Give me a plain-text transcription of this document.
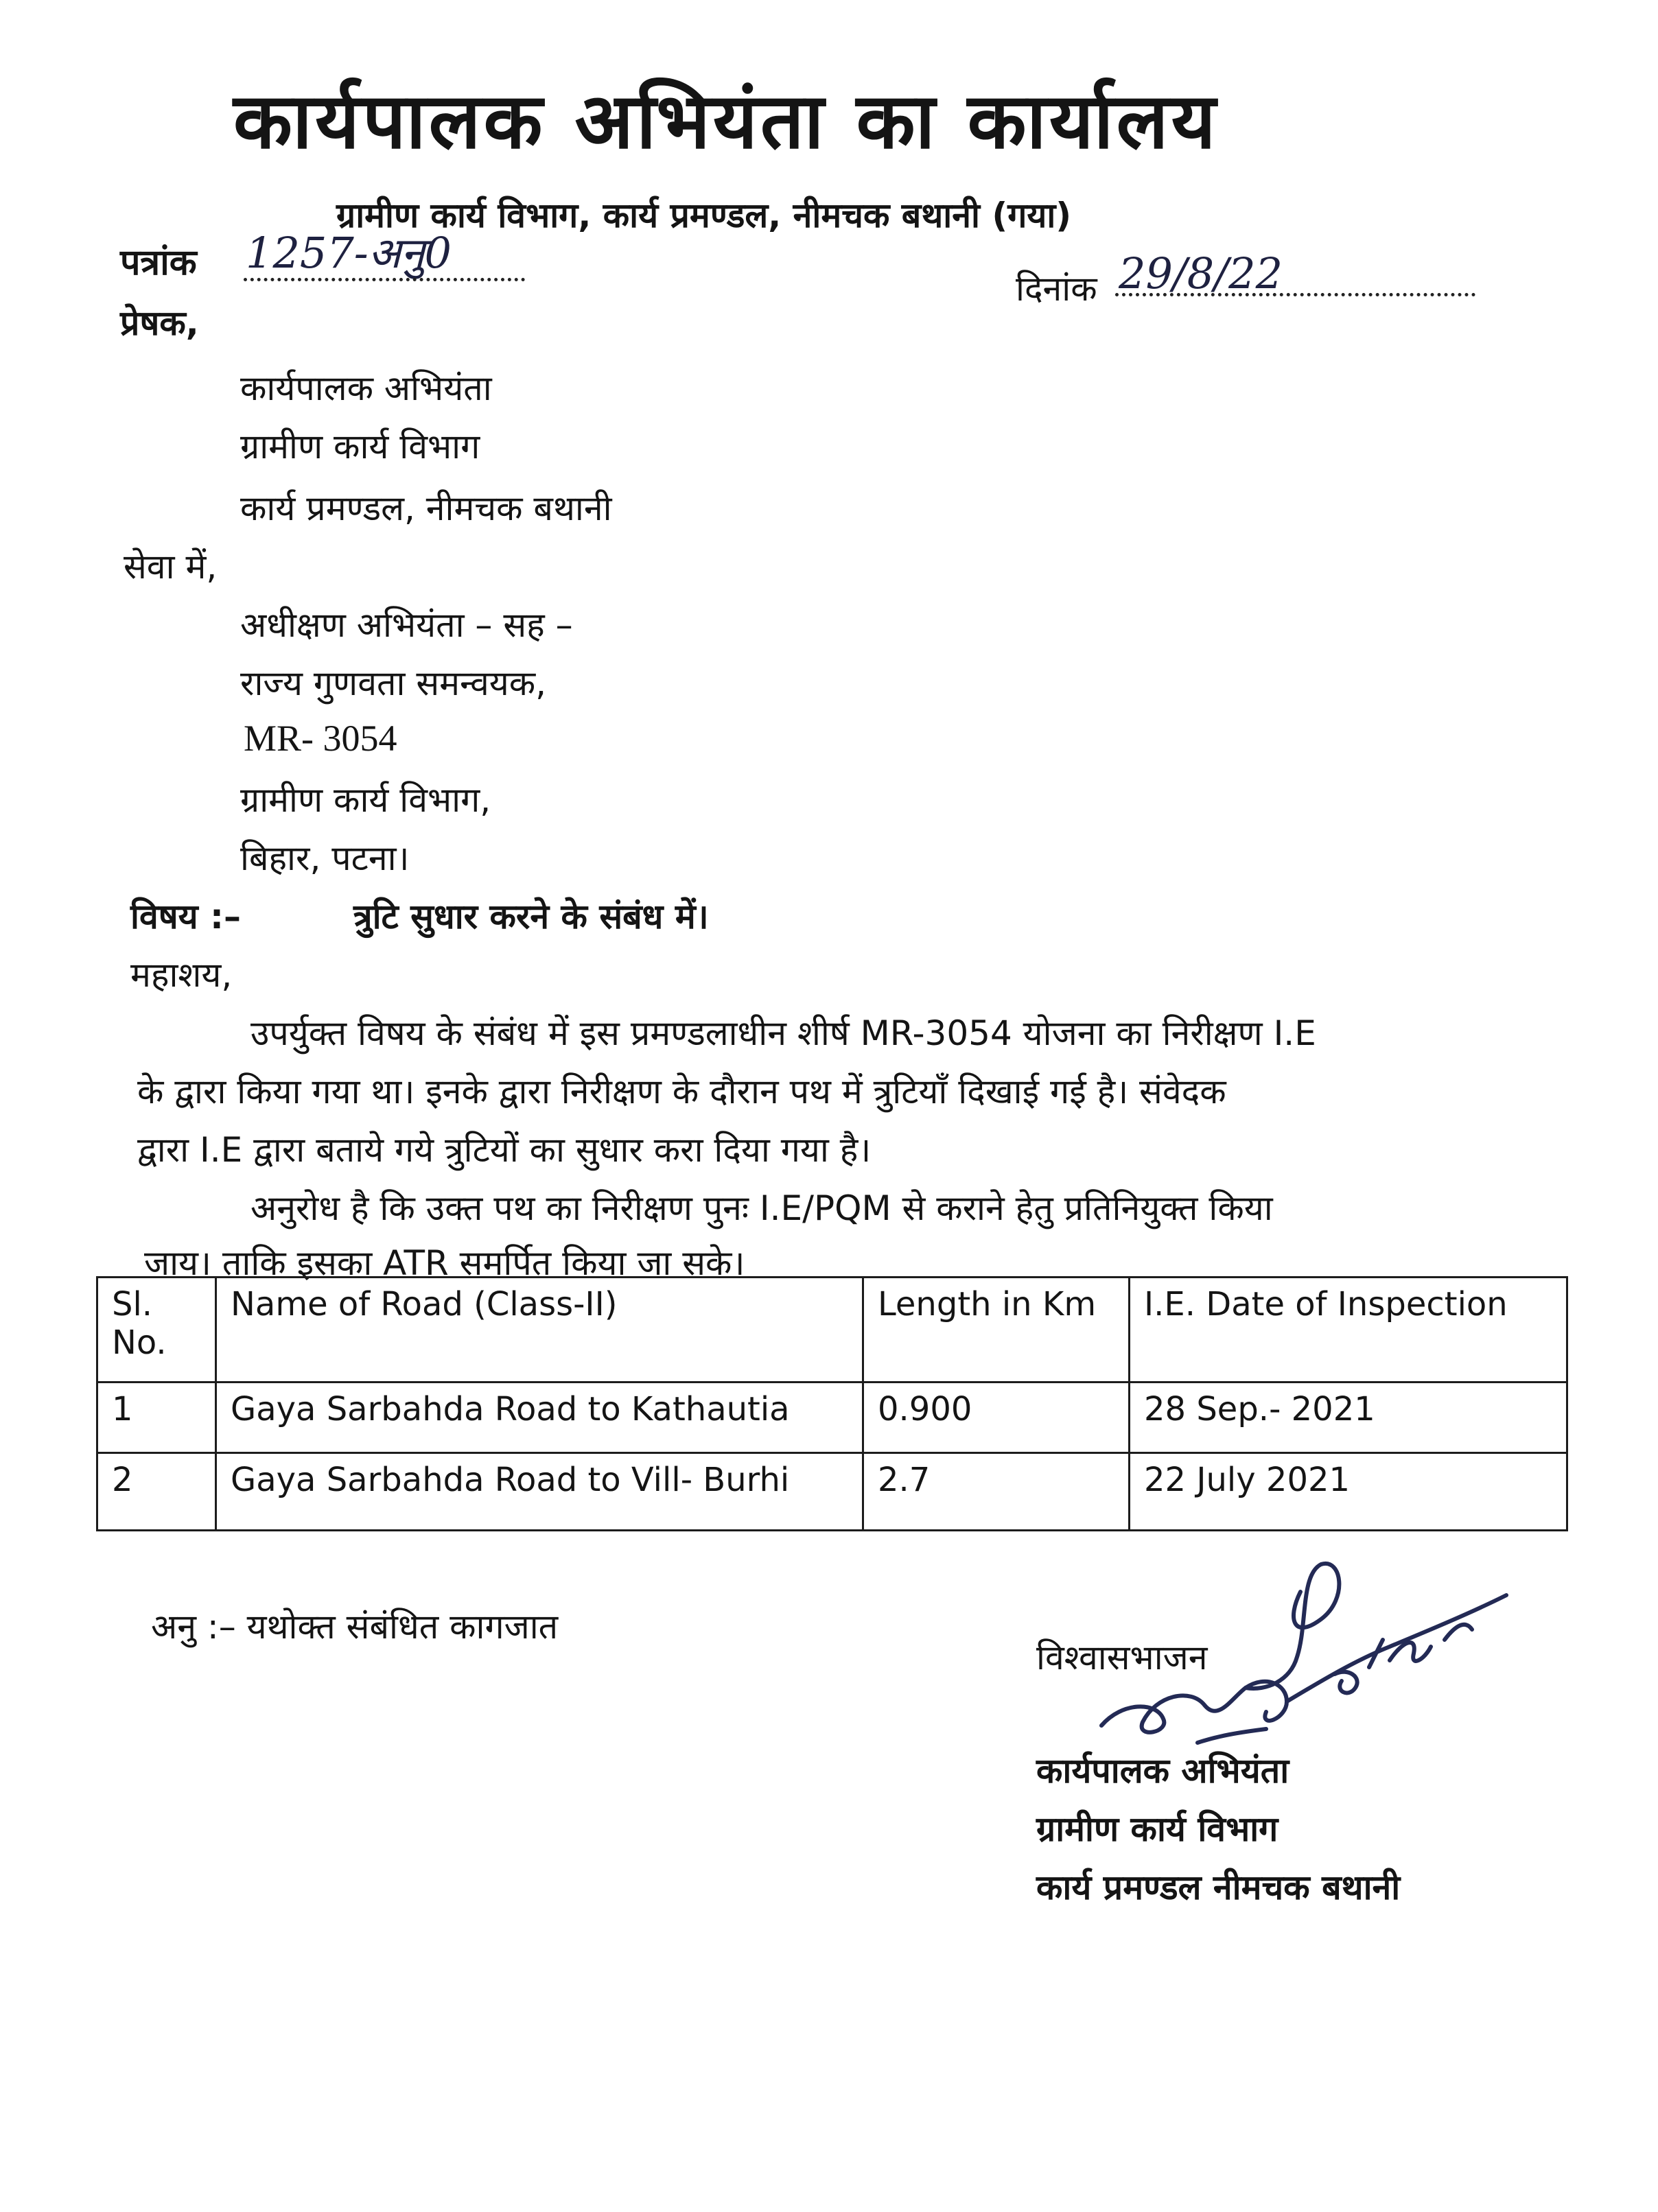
कार्यपालक अभियंता का कार्यालय
ग्रामीण कार्य विभाग, कार्य प्रमण्डल, नीमचक बथानी (गया)
पत्रांक 1257-अनु0
दिनांक 29/8/22
प्रेषक,
कार्यपालक अभियंता
ग्रामीण कार्य विभाग
कार्य प्रमण्डल, नीमचक बथानी
सेवा में,
अधीक्षण अभियंता – सह –
राज्य गुणवता समन्वयक,
MR- 3054
ग्रामीण कार्य विभाग,
बिहार, पटना।
विषय :–	त्रुटि सुधार करने के संबंध में।
महाशय,
उपर्युक्त विषय के संबंध में इस प्रमण्डलाधीन शीर्ष MR-3054 योजना का निरीक्षण I.E
के द्वारा किया गया था। इनके द्वारा निरीक्षण के दौरान पथ में त्रुटियाँ दिखाई गई है। संवेदक
द्वारा I.E द्वारा बताये गये त्रुटियों का सुधार करा दिया गया है।
अनुरोध है कि उक्त पथ का निरीक्षण पुनः I.E/PQM से कराने हेतु प्रतिनियुक्त किया
जाय। ताकि इसका ATR समर्पित किया जा सके।
Sl. No.	Name of Road (Class-II)	Length in Km	I.E. Date of Inspection
1	Gaya Sarbahda Road to Kathautia	0.900	28 Sep.- 2021
2	Gaya Sarbahda Road to Vill- Burhi	2.7	22 July 2021
अनु :– यथोक्त संबंधित कागजात
विश्वासभाजन
कार्यपालक अभियंता
ग्रामीण कार्य विभाग
कार्य प्रमण्डल नीमचक बथानी
